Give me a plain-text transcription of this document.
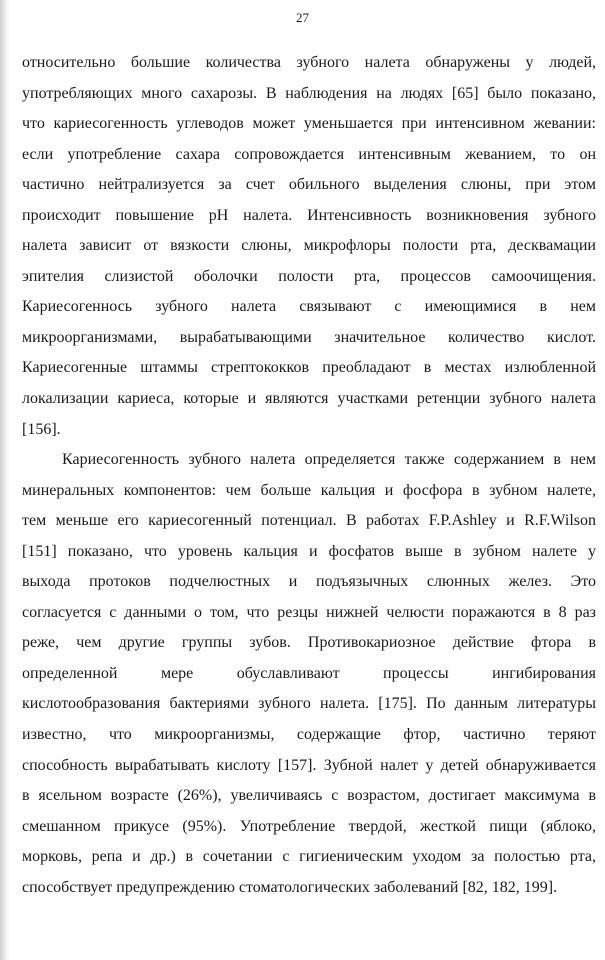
27
относительно большие количества зубного налета обнаружены у людей,
употребляющих много сахарозы. В наблюдения на людях [65] было показано,
что кариесогенность углеводов может уменьшается при интенсивном жевании:
если употребление сахара сопровождается интенсивным жеванием, то он
частично нейтрализуется за счет обильного выделения слюны, при этом
происходит повышение pH налета. Интенсивность возникновения зубного
налета зависит от вязкости слюны, микрофлоры полости рта, десквамации
эпителия слизистой оболочки полости рта, процессов самоочищения.
Кариесогеннось зубного налета связывают с имеющимися в нем
микроорганизмами, вырабатывающими значительное количество кислот.
Кариесогенные штаммы стрептококков преобладают в местах излюбленной
локализации кариеса, которые и являются участками ретенции зубного налета
[156].
Кариесогенность зубного налета определяется также содержанием в нем
минеральных компонентов: чем больше кальция и фосфора в зубном налете,
тем меньше его кариесогенный потенциал. В работах F.P.Ashley и R.F.Wilson
[151] показано, что уровень кальция и фосфатов выше в зубном налете у
выхода протоков подчелюстных и подъязычных слюнных желез. Это
согласуется с данными о том, что резцы нижней челюсти поражаются в 8 раз
реже, чем другие группы зубов. Противокариозное действие фтора в
определенной мере обуславливают процессы ингибирования
кислотообразования бактериями зубного налета. [175]. По данным литературы
известно, что микроорганизмы, содержащие фтор, частично теряют
способность вырабатывать кислоту [157]. Зубной налет у детей обнаруживается
в ясельном возрасте (26%), увеличиваясь с возрастом, достигает максимума в
смешанном прикусе (95%). Употребление твердой, жесткой пищи (яблоко,
морковь, репа и др.) в сочетании с гигиеническим уходом за полостью рта,
способствует предупреждению стоматологических заболеваний [82, 182, 199].
